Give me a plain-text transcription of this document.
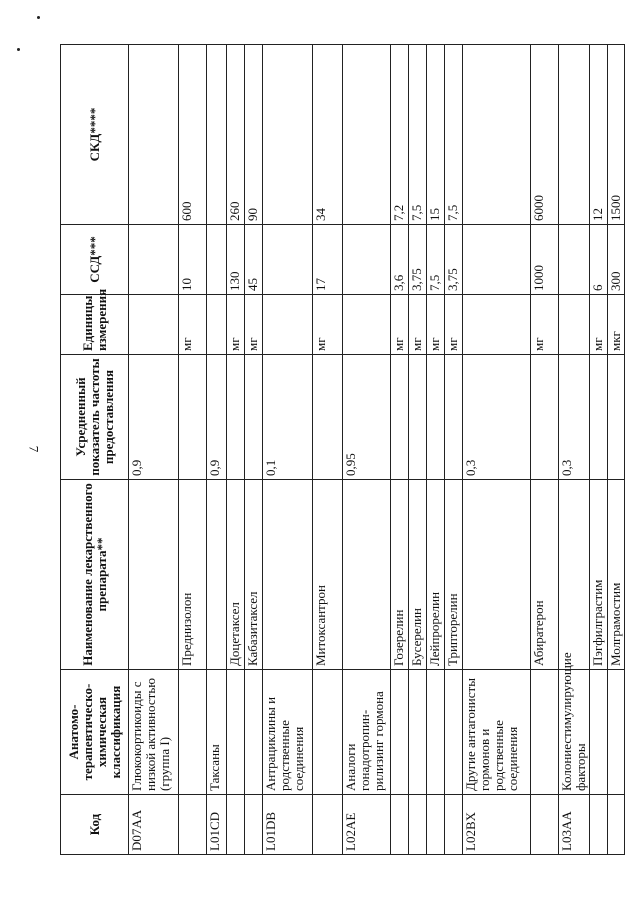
7
Код	Анатомо-терапевтическо-химическая классификация	Наименование лекарственного препарата**	Усредненный показатель частоты предоставления	Единицы измерения	ССД***	СКД****
D07AA	Глюкокортикоиды с низкой активностью (группа I)		0,9			
		Преднизолон		мг	10	600
L01CD	Таксаны		0,9			
		Доцетаксел		мг	130	260
		Кабазитаксел		мг	45	90
L01DB	Антрациклины и родственные соединения		0,1			
		Митоксантрон		мг	17	34
L02AE	Аналоги гонадотропин-рилизинг гормона		0,95			
		Гозерелин		мг	3,6	7,2
		Бусерелин		мг	3,75	7,5
		Лейпрорелин		мг	7,5	15
		Трипторелин		мг	3,75	7,5
L02BX	Другие антагонисты гормонов и родственные соединения		0,3			
		Абиратерон		мг	1000	6000
L03AA	Колониестимулирующие факторы		0,3			
		Пэгфилграстим		мг	6	12
		Молграмостим		мкг	300	1500
